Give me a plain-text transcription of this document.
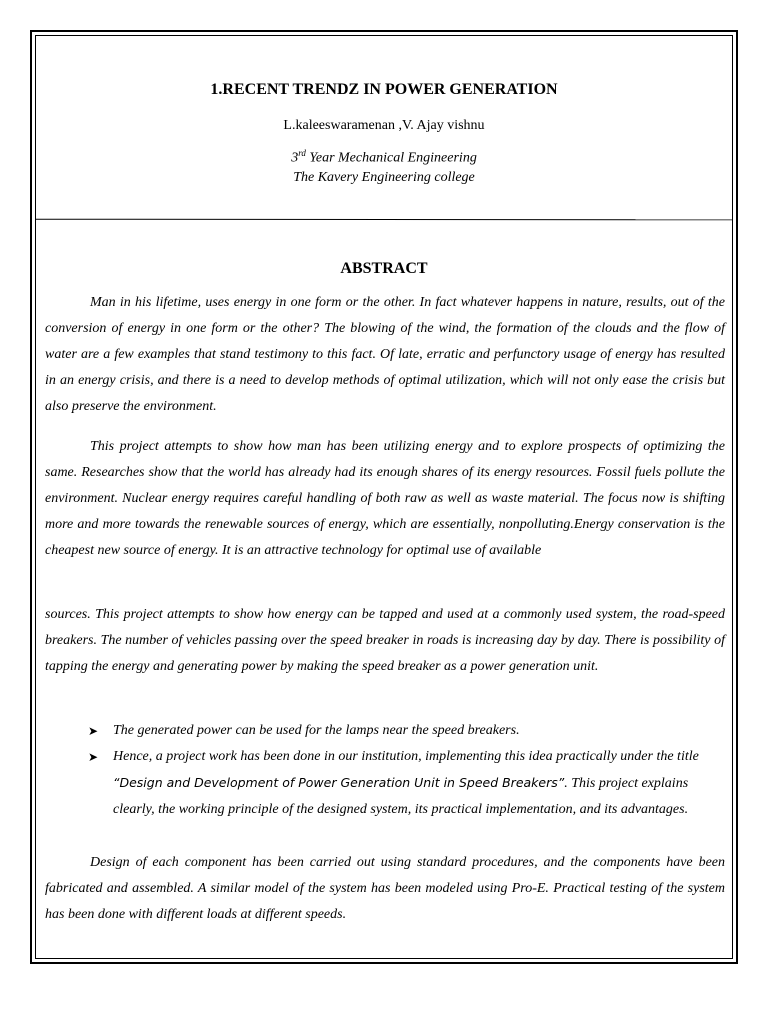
1.RECENT TRENDZ IN POWER GENERATION
L.kaleeswaramenan ,V. Ajay vishnu
3rd Year Mechanical Engineering
The Kavery Engineering college
ABSTRACT

Man in his lifetime, uses energy in one form or the other. In fact whatever happens in nature, results, out of the conversion of energy in one form or the other? The blowing of the wind, the formation of the clouds and the flow of water are a few examples that stand testimony to this fact. Of late, erratic and perfunctory usage of energy has resulted in an energy crisis, and there is a need to develop methods of optimal utilization, which will not only ease the crisis but also preserve the environment.

This project attempts to show how man has been utilizing energy and to explore prospects of optimizing the same. Researches show that the world has already had its enough shares of its energy resources. Fossil fuels pollute the environment. Nuclear energy requires careful handling of both raw as well as waste material. The focus now is shifting more and more towards the renewable sources of energy, which are essentially, nonpolluting.Energy conservation is the cheapest new source of energy. It is an attractive technology for optimal use of available

sources. This project attempts to show how energy can be tapped and used at a commonly used system, the road-speed breakers. The number of vehicles passing over the speed breaker in roads is increasing day by day. There is possibility of tapping the energy and generating power by making the speed breaker as a power generation unit.

➤ The generated power can be used for the lamps near the speed breakers.
➤ Hence, a project work has been done in our institution, implementing this idea practically under the title “Design and Development of Power Generation Unit in Speed Breakers”. This project explains clearly, the working principle of the designed system, its practical implementation, and its advantages.

Design of each component has been carried out using standard procedures, and the components have been fabricated and assembled. A similar model of the system has been modeled using Pro-E. Practical testing of the system has been done with different loads at different speeds.
